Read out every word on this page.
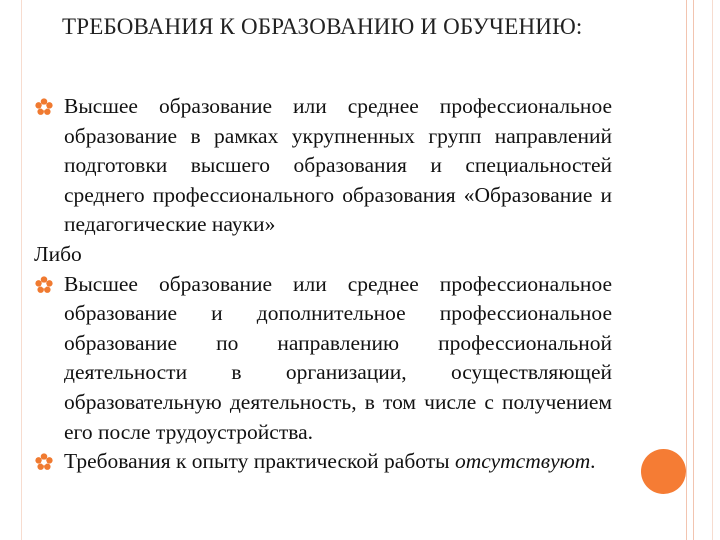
ТРЕБОВАНИЯ К ОБРАЗОВАНИЮ И ОБУЧЕНИЮ:
Высшее образование или среднее профессиональное образование в рамках укрупненных групп направлений подготовки высшего образования и специальностей среднего профессионального образования «Образование и педагогические науки»
Либо
Высшее образование или среднее профессиональное образование и дополнительное профессиональное образование по направлению профессиональной деятельности в организации, осуществляющей образовательную деятельность, в том числе с получением его после трудоустройства.
Требования к опыту практической работы отсутствуют.
